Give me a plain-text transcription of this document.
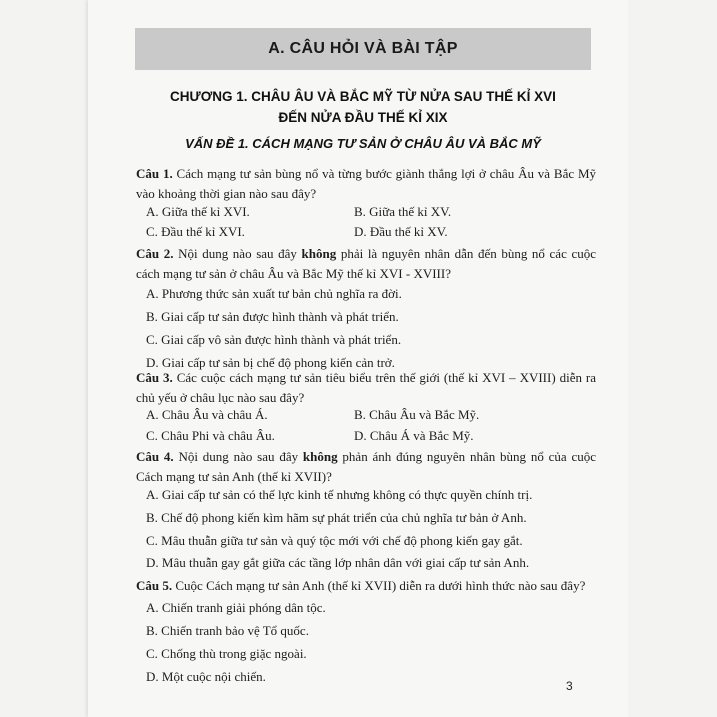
A. CÂU HỎI VÀ BÀI TẬP
CHƯƠNG 1. CHÂU ÂU VÀ BẮC MỸ TỪ NỬA SAU THẾ KỈ XVI
ĐẾN NỬA ĐẦU THẾ KỈ XIX
VẤN ĐỀ 1. CÁCH MẠNG TƯ SẢN Ở CHÂU ÂU VÀ BẮC MỸ
Câu 1. Cách mạng tư sản bùng nổ và từng bước giành thắng lợi ở châu Âu và Bắc Mỹ vào khoảng thời gian nào sau đây?
A. Giữa thế kỉ XVI.	B. Giữa thế kỉ XV.
C. Đầu thế kỉ XVI.	D. Đầu thế kỉ XV.
Câu 2. Nội dung nào sau đây không phải là nguyên nhân dẫn đến bùng nổ các cuộc cách mạng tư sản ở châu Âu và Bắc Mỹ thế kỉ XVI - XVIII?
A. Phương thức sản xuất tư bản chủ nghĩa ra đời.
B. Giai cấp tư sản được hình thành và phát triển.
C. Giai cấp vô sản được hình thành và phát triển.
D. Giai cấp tư sản bị chế độ phong kiến cản trở.
Câu 3. Các cuộc cách mạng tư sản tiêu biểu trên thế giới (thế kỉ XVI – XVIII) diễn ra chủ yếu ở châu lục nào sau đây?
A. Châu Âu và châu Á.	B. Châu Âu và Bắc Mỹ.
C. Châu Phi và châu Âu.	D. Châu Á và Bắc Mỹ.
Câu 4. Nội dung nào sau đây không phản ánh đúng nguyên nhân bùng nổ của cuộc Cách mạng tư sản Anh (thế kỉ XVII)?
A. Giai cấp tư sản có thế lực kinh tế nhưng không có thực quyền chính trị.
B. Chế độ phong kiến kìm hãm sự phát triển của chủ nghĩa tư bản ở Anh.
C. Mâu thuẫn giữa tư sản và quý tộc mới với chế độ phong kiến gay gắt.
D. Mâu thuẫn gay gắt giữa các tầng lớp nhân dân với giai cấp tư sản Anh.
Câu 5. Cuộc Cách mạng tư sản Anh (thế kỉ XVII) diễn ra dưới hình thức nào sau đây?
A. Chiến tranh giải phóng dân tộc.
B. Chiến tranh bảo vệ Tổ quốc.
C. Chống thù trong giặc ngoài.
D. Một cuộc nội chiến.
3
